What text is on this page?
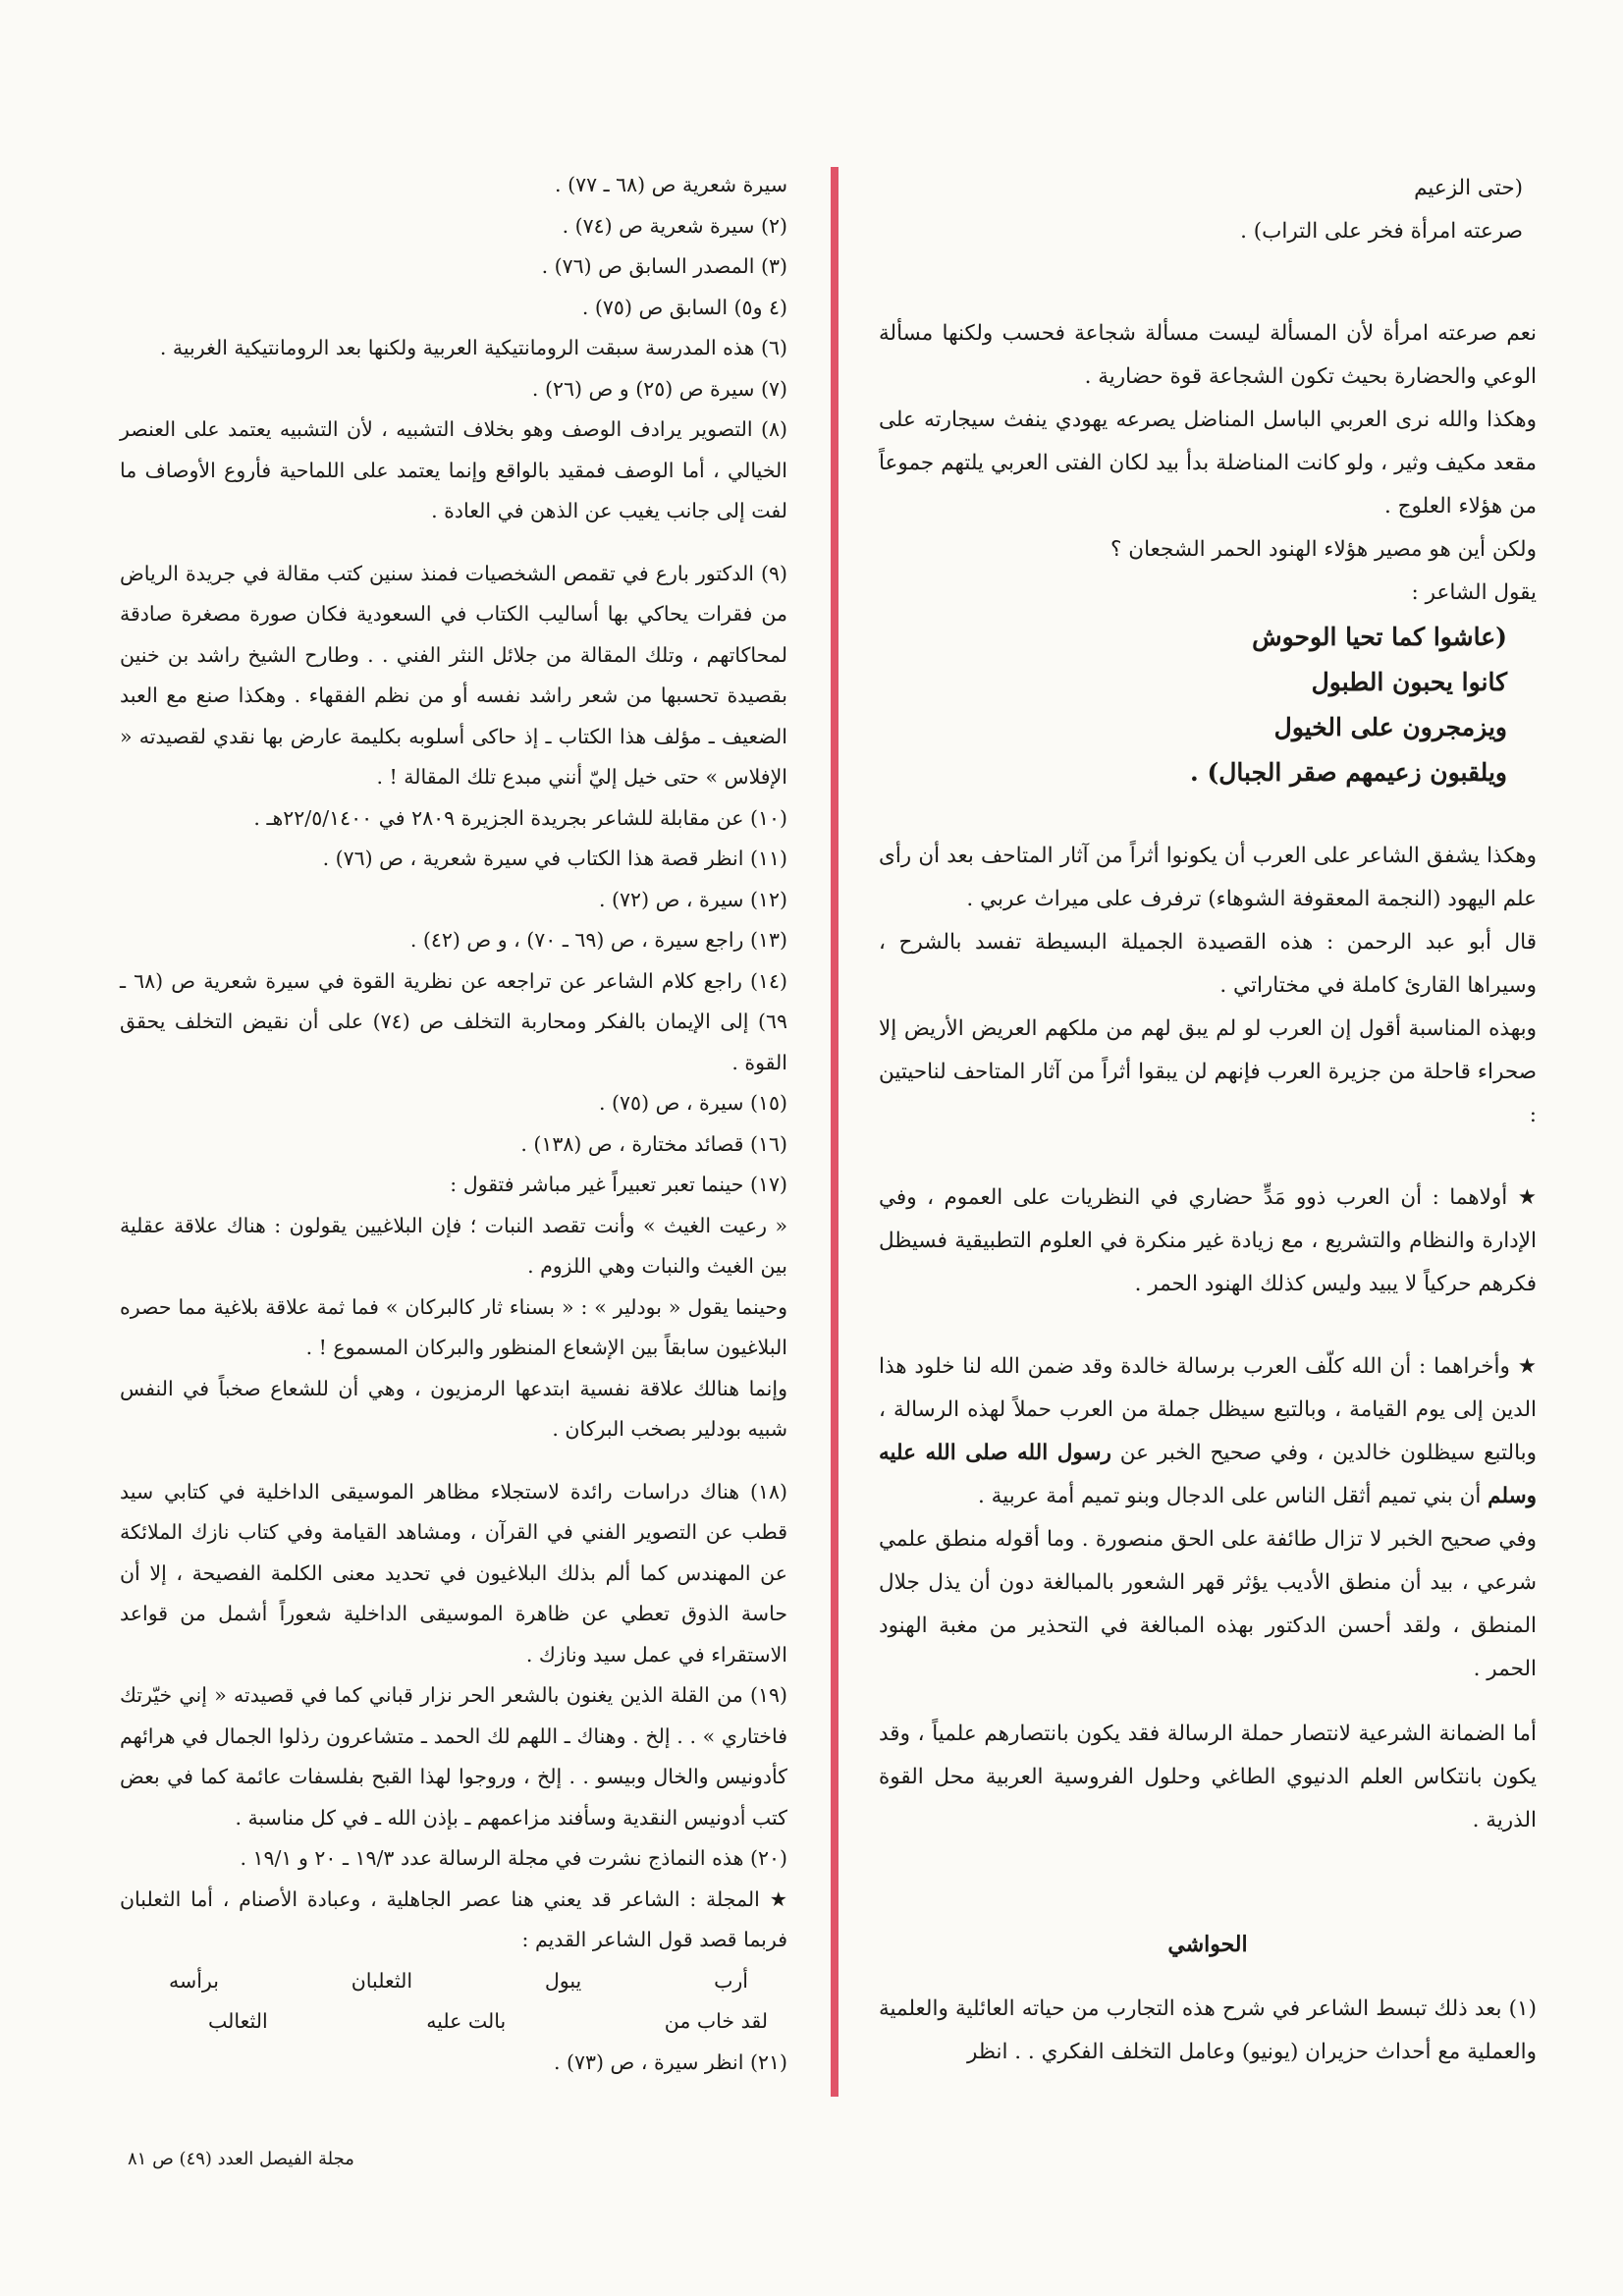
(حتى الزعيم

صرعته امرأة فخر على التراب) .

نعم صرعته امرأة لأن المسألة ليست مسألة شجاعة فحسب ولكنها مسألة الوعي والحضارة بحيث تكون الشجاعة قوة حضارية .

وهكذا والله نرى العربي الباسل المناضل يصرعه يهودي ينفث سيجارته على مقعد مكيف وثير ، ولو كانت المناضلة بدأ بيد لكان الفتى العربي يلتهم جموعاً من هؤلاء العلوج .

ولكن أين هو مصير هؤلاء الهنود الحمر الشجعان ؟

يقول الشاعر :

(عاشوا كما تحيا الوحوش

كانوا يحبون الطبول

ويزمجرون على الخيول

ويلقبون زعيمهم صقر الجبال) .

وهكذا يشفق الشاعر على العرب أن يكونوا أثراً من آثار المتاحف بعد أن رأى علم اليهود (النجمة المعقوفة الشوهاء) ترفرف على ميراث عربي .

قال أبو عبد الرحمن : هذه القصيدة الجميلة البسيطة تفسد بالشرح ، وسيراها القارئ كاملة في مختاراتي .

وبهذه المناسبة أقول إن العرب لو لم يبق لهم من ملكهم العريض الأريض إلا صحراء قاحلة من جزيرة العرب فإنهم لن يبقوا أثراً من آثار المتاحف لناحيتين :

★ أولاهما : أن العرب ذوو مَدٍّ حضاري في النظريات على العموم ، وفي الإدارة والنظام والتشريع ، مع زيادة غير منكرة في العلوم التطبيقية فسيظل فكرهم حركياً لا يبيد وليس كذلك الهنود الحمر .

★ وأخراهما : أن الله كلّف العرب برسالة خالدة وقد ضمن الله لنا خلود هذا الدين إلى يوم القيامة ، وبالتبع سيظل جملة من العرب حملاً لهذه الرسالة ، وبالتبع سيظلون خالدين ، وفي صحيح الخبر عن رسول الله صلى الله عليه وسلم أن بني تميم أثقل الناس على الدجال وبنو تميم أمة عربية .

وفي صحيح الخبر لا تزال طائفة على الحق منصورة . وما أقوله منطق علمي شرعي ، بيد أن منطق الأديب يؤثر قهر الشعور بالمبالغة دون أن يذل جلال المنطق ، ولقد أحسن الدكتور بهذه المبالغة في التحذير من مغبة الهنود الحمر .

أما الضمانة الشرعية لانتصار حملة الرسالة فقد يكون بانتصارهم علمياً ، وقد يكون بانتكاس العلم الدنيوي الطاغي وحلول الفروسية العربية محل القوة الذرية .

الحواشي

(١) بعد ذلك تبسط الشاعر في شرح هذه التجارب من حياته العائلية والعلمية والعملية مع أحداث حزيران (يونيو) وعامل التخلف الفكري . . انظر

سيرة شعرية ص (٦٨ ـ ٧٧) .

(٢) سيرة شعرية ص (٧٤) .

(٣) المصدر السابق ص (٧٦) .

(٤ و٥) السابق ص (٧٥) .

(٦) هذه المدرسة سبقت الرومانتيكية العربية ولكنها بعد الرومانتيكية الغربية .

(٧) سيرة ص (٢٥) و ص (٢٦) .

(٨) التصوير يرادف الوصف وهو بخلاف التشبيه ، لأن التشبيه يعتمد على العنصر الخيالي ، أما الوصف فمقيد بالواقع وإنما يعتمد على اللماحية فأروع الأوصاف ما لفت إلى جانب يغيب عن الذهن في العادة .

(٩) الدكتور بارع في تقمص الشخصيات فمنذ سنين كتب مقالة في جريدة الرياض من فقرات يحاكي بها أساليب الكتاب في السعودية فكان صورة مصغرة صادقة لمحاكاتهم ، وتلك المقالة من جلائل النثر الفني . . وطارح الشيخ راشد بن خنين بقصيدة تحسبها من شعر راشد نفسه أو من نظم الفقهاء . وهكذا صنع مع العبد الضعيف ـ مؤلف هذا الكتاب ـ إذ حاكى أسلوبه بكليمة عارض بها نقدي لقصيدته « الإفلاس » حتى خيل إليّ أنني مبدع تلك المقالة ! .

(١٠) عن مقابلة للشاعر بجريدة الجزيرة ٢٨٠٩ في ٢٢/٥/١٤٠٠هـ .

(١١) انظر قصة هذا الكتاب في سيرة شعرية ، ص (٧٦) .

(١٢) سيرة ، ص (٧٢) .

(١٣) راجع سيرة ، ص (٦٩ ـ ٧٠) ، و ص (٤٢) .

(١٤) راجع كلام الشاعر عن تراجعه عن نظرية القوة في سيرة شعرية ص (٦٨ ـ ٦٩) إلى الإيمان بالفكر ومحاربة التخلف ص (٧٤) على أن نقيض التخلف يحقق القوة .

(١٥) سيرة ، ص (٧٥) .

(١٦) قصائد مختارة ، ص (١٣٨) .

(١٧) حينما تعبر تعبيراً غير مباشر فتقول :

« رعيت الغيث » وأنت تقصد النبات ؛ فإن البلاغيين يقولون : هناك علاقة عقلية بين الغيث والنبات وهي اللزوم .

وحينما يقول « بودلير » : « بسناء ثار كالبركان » فما ثمة علاقة بلاغية مما حصره البلاغيون سابقاً بين الإشعاع المنظور والبركان المسموع ! .

وإنما هنالك علاقة نفسية ابتدعها الرمزيون ، وهي أن للشعاع صخباً في النفس شبيه بودلير بصخب البركان .

(١٨) هناك دراسات رائدة لاستجلاء مظاهر الموسيقى الداخلية في كتابي سيد قطب عن التصوير الفني في القرآن ، ومشاهد القيامة وفي كتاب نازك الملائكة عن المهندس كما ألم بذلك البلاغيون في تحديد معنى الكلمة الفصيحة ، إلا أن حاسة الذوق تعطي عن ظاهرة الموسيقى الداخلية شعوراً أشمل من قواعد الاستقراء في عمل سيد ونازك .

(١٩) من القلة الذين يغنون بالشعر الحر نزار قباني كما في قصيدته « إني خيّرتك فاختاري » . . إلخ . وهناك ـ اللهم لك الحمد ـ متشاعرون رذلوا الجمال في هرائهم كأدونيس والخال وبيسو . . إلخ ، وروجوا لهذا القبح بفلسفات عائمة كما في بعض كتب أدونيس النقدية وسأفند مزاعمهم ـ بإذن الله ـ في كل مناسبة .

(٢٠) هذه النماذج نشرت في مجلة الرسالة عدد ١٩/٣ ـ ٢٠ و ١٩/١ .

★ المجلة : الشاعر قد يعني هنا عصر الجاهلية ، وعبادة الأصنام ، أما الثعلبان فربما قصد قول الشاعر القديم :

أرب
يبول
الثعلبان
برأسه
لقد خاب من
بالت عليه
الثعالب

(٢١) انظر سيرة ، ص (٧٣) .

مجلة الفيصل العدد (٤٩) ص ٨١
